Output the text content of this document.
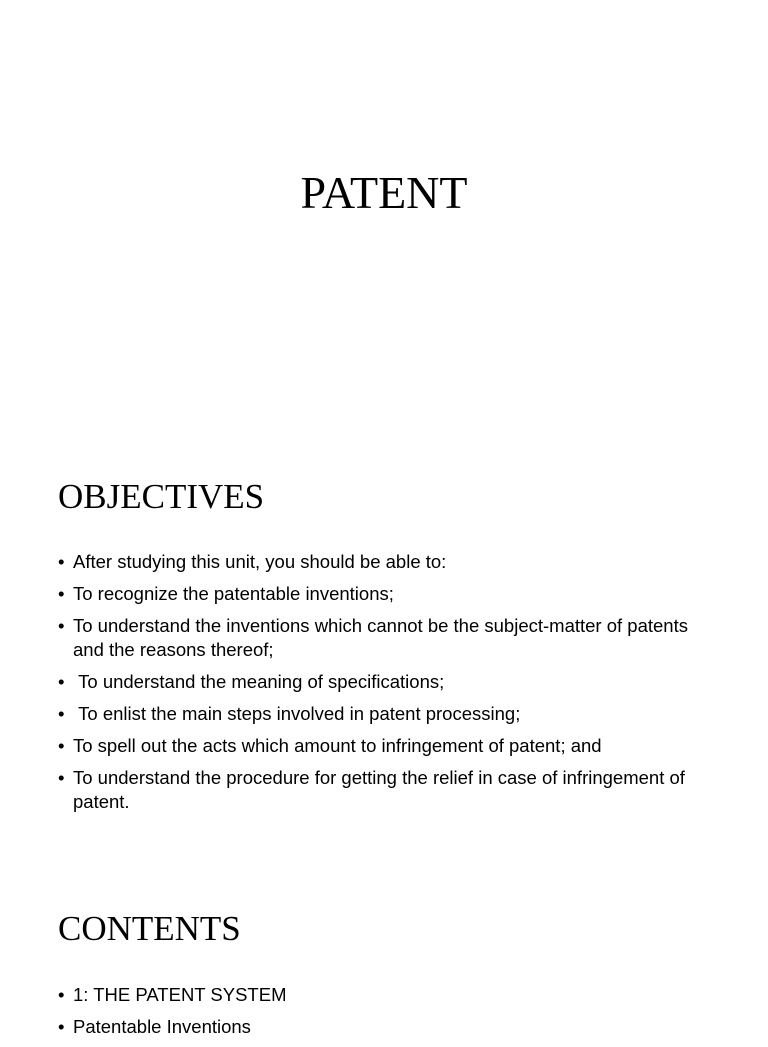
PATENT
OBJECTIVES
• After studying this unit, you should be able to:
• To recognize the patentable inventions;
• To understand the inventions which cannot be the subject-matter of patents and the reasons thereof;
•  To understand the meaning of specifications;
•  To enlist the main steps involved in patent processing;
• To spell out the acts which amount to infringement of patent; and
• To understand the procedure for getting the relief in case of infringement of patent.
CONTENTS
• 1: THE PATENT SYSTEM
• Patentable Inventions
